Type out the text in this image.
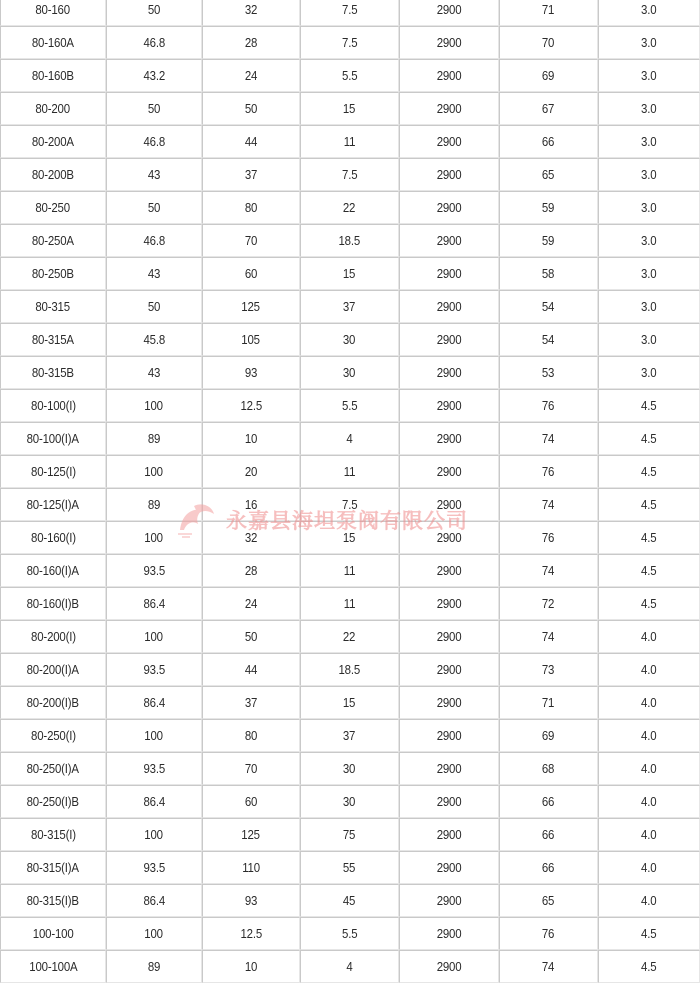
80-160	50	32	7.5	2900	71	3.0
80-160A	46.8	28	7.5	2900	70	3.0
80-160B	43.2	24	5.5	2900	69	3.0
80-200	50	50	15	2900	67	3.0
80-200A	46.8	44	11	2900	66	3.0
80-200B	43	37	7.5	2900	65	3.0
80-250	50	80	22	2900	59	3.0
80-250A	46.8	70	18.5	2900	59	3.0
80-250B	43	60	15	2900	58	3.0
80-315	50	125	37	2900	54	3.0
80-315A	45.8	105	30	2900	54	3.0
80-315B	43	93	30	2900	53	3.0
80-100(I)	100	12.5	5.5	2900	76	4.5
80-100(I)A	89	10	4	2900	74	4.5
80-125(I)	100	20	11	2900	76	4.5
80-125(I)A	89	16	7.5	2900	74	4.5
80-160(I)	100	32	15	2900	76	4.5
80-160(I)A	93.5	28	11	2900	74	4.5
80-160(I)B	86.4	24	11	2900	72	4.5
80-200(I)	100	50	22	2900	74	4.0
80-200(I)A	93.5	44	18.5	2900	73	4.0
80-200(I)B	86.4	37	15	2900	71	4.0
80-250(I)	100	80	37	2900	69	4.0
80-250(I)A	93.5	70	30	2900	68	4.0
80-250(I)B	86.4	60	30	2900	66	4.0
80-315(I)	100	125	75	2900	66	4.0
80-315(I)A	93.5	110	55	2900	66	4.0
80-315(I)B	86.4	93	45	2900	65	4.0
100-100	100	12.5	5.5	2900	76	4.5
100-100A	89	10	4	2900	74	4.5
永嘉县海坦泵阀有限公司
